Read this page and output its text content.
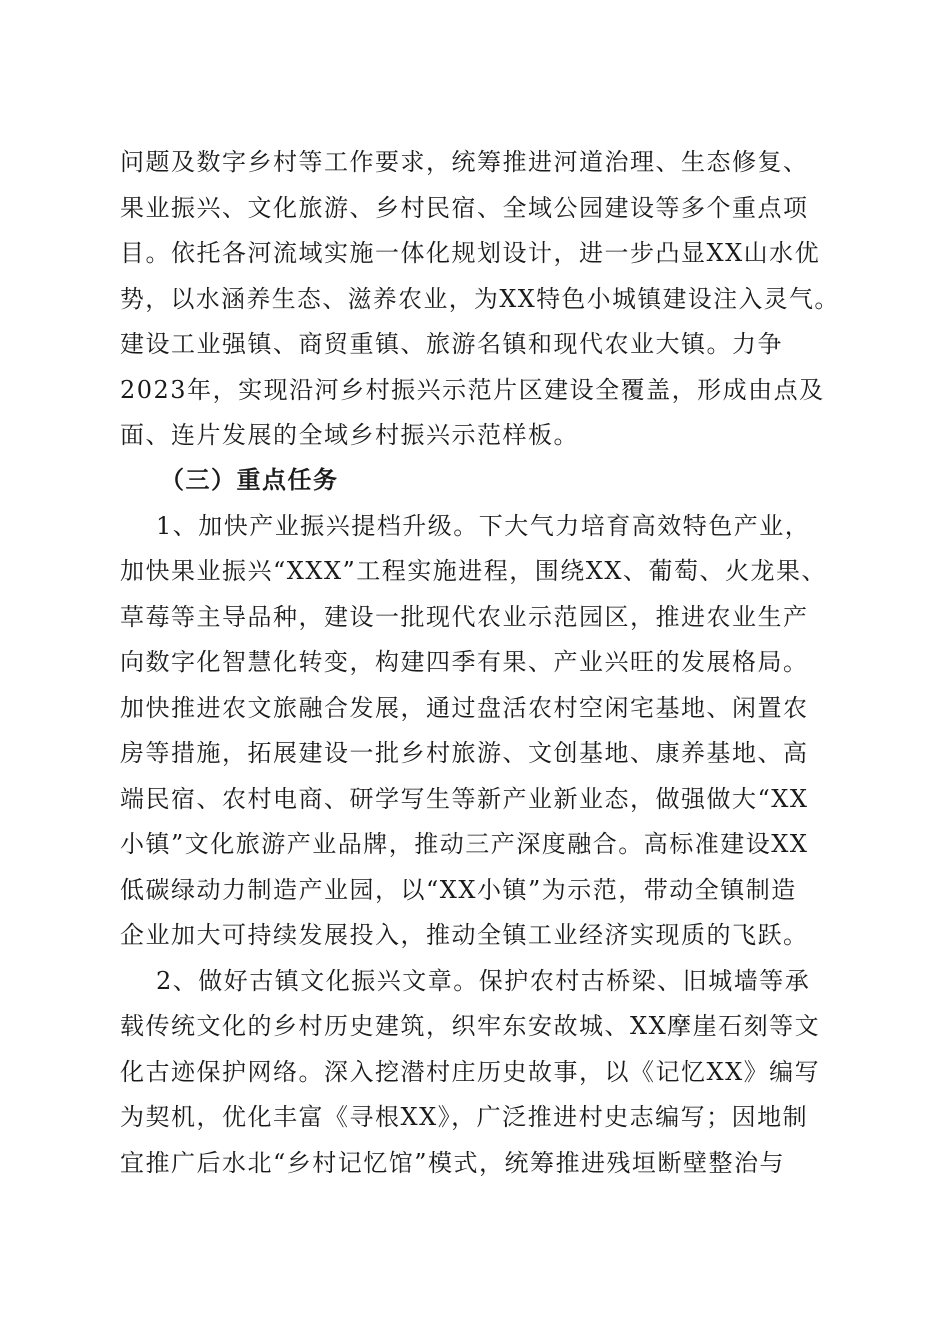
问题及数字乡村等工作要求，统筹推进河道治理、生态修复、
果业振兴、文化旅游、乡村民宿、全域公园建设等多个重点项
目。依托各河流域实施一体化规划设计，进一步凸显XX山水优
势，以水涵养生态、滋养农业，为XX特色小城镇建设注入灵气。
建设工业强镇、商贸重镇、旅游名镇和现代农业大镇。力争
2023年，实现沿河乡村振兴示范片区建设全覆盖，形成由点及
面、连片发展的全域乡村振兴示范样板。
（三）重点任务
1、加快产业振兴提档升级。下大气力培育高效特色产业，
加快果业振兴“XXX”工程实施进程，围绕XX、葡萄、火龙果、
草莓等主导品种，建设一批现代农业示范园区，推进农业生产
向数字化智慧化转变，构建四季有果、产业兴旺的发展格局。
加快推进农文旅融合发展，通过盘活农村空闲宅基地、闲置农
房等措施，拓展建设一批乡村旅游、文创基地、康养基地、高
端民宿、农村电商、研学写生等新产业新业态，做强做大“XX
小镇”文化旅游产业品牌，推动三产深度融合。高标准建设XX
低碳绿动力制造产业园，以“XX小镇”为示范，带动全镇制造
企业加大可持续发展投入，推动全镇工业经济实现质的飞跃。
2、做好古镇文化振兴文章。保护农村古桥梁、旧城墙等承
载传统文化的乡村历史建筑，织牢东安故城、XX摩崖石刻等文
化古迹保护网络。深入挖潜村庄历史故事，以《记忆XX》编写
为契机，优化丰富《寻根XX》，广泛推进村史志编写；因地制
宜推广后水北“乡村记忆馆”模式，统筹推进残垣断壁整治与
